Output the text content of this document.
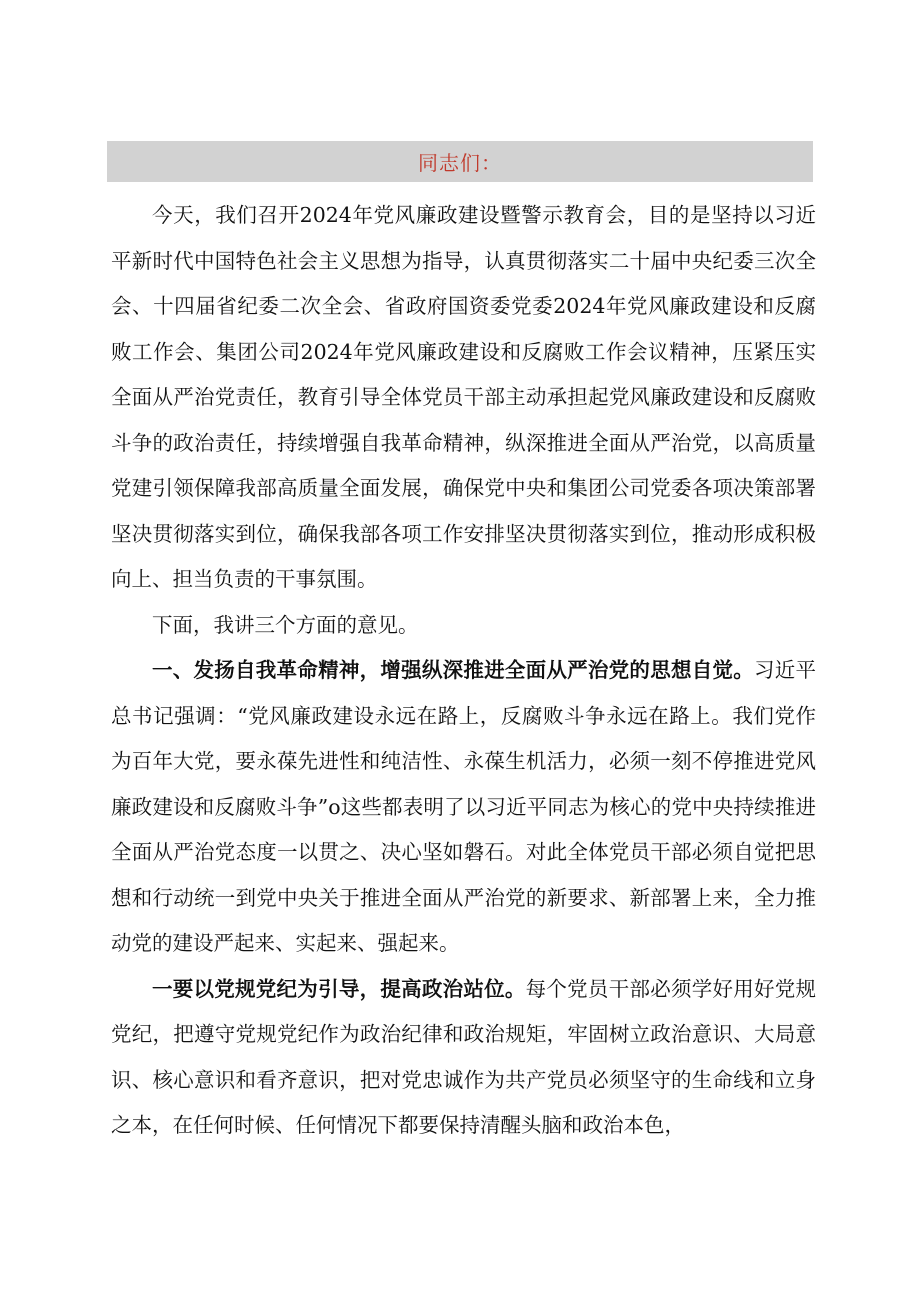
同志们：

今天，我们召开2024年党风廉政建设暨警示教育会，目的是坚持以习近平新时代中国特色社会主义思想为指导，认真贯彻落实二十届中央纪委三次全会、十四届省纪委二次全会、省政府国资委党委2024年党风廉政建设和反腐败工作会、集团公司2024年党风廉政建设和反腐败工作会议精神，压紧压实全面从严治党责任，教育引导全体党员干部主动承担起党风廉政建设和反腐败斗争的政治责任，持续增强自我革命精神，纵深推进全面从严治党，以高质量党建引领保障我部高质量全面发展，确保党中央和集团公司党委各项决策部署坚决贯彻落实到位，确保我部各项工作安排坚决贯彻落实到位，推动形成积极向上、担当负责的干事氛围。

下面，我讲三个方面的意见。

一、发扬自我革命精神，增强纵深推进全面从严治党的思想自觉。习近平总书记强调：“党风廉政建设永远在路上，反腐败斗争永远在路上。我们党作为百年大党，要永葆先进性和纯洁性、永葆生机活力，必须一刻不停推进党风廉政建设和反腐败斗争”o这些都表明了以习近平同志为核心的党中央持续推进全面从严治党态度一以贯之、决心坚如磐石。对此全体党员干部必须自觉把思想和行动统一到党中央关于推进全面从严治党的新要求、新部署上来，全力推动党的建设严起来、实起来、强起来。

一要以党规党纪为引导，提高政治站位。每个党员干部必须学好用好党规党纪，把遵守党规党纪作为政治纪律和政治规矩，牢固树立政治意识、大局意识、核心意识和看齐意识，把对党忠诚作为共产党员必须坚守的生命线和立身之本，在任何时候、任何情况下都要保持清醒头脑和政治本色，
